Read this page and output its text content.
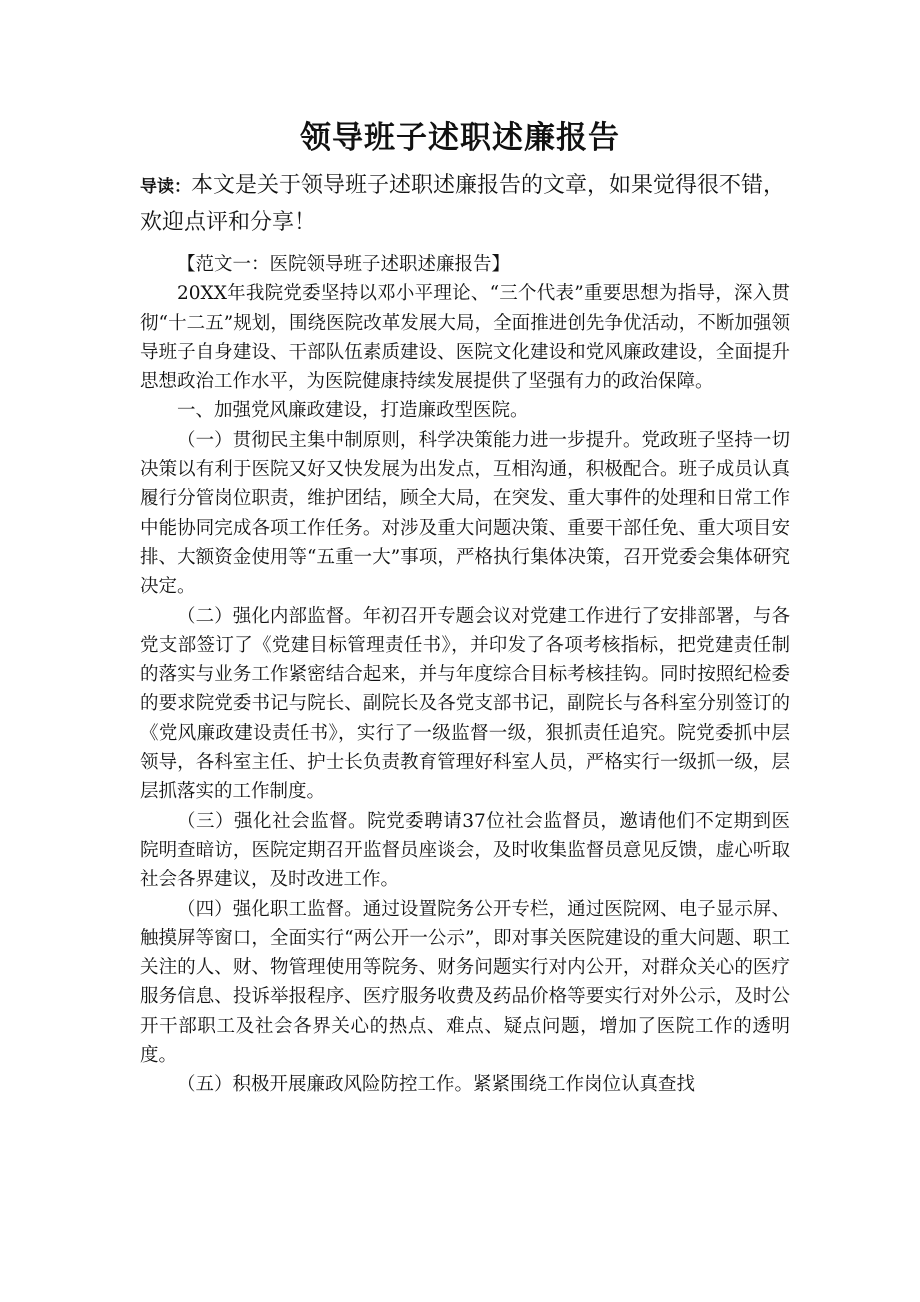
领导班子述职述廉报告

导读：本文是关于领导班子述职述廉报告的文章，如果觉得很不错，欢迎点评和分享！

【范文一：医院领导班子述职述廉报告】

20XX年我院党委坚持以邓小平理论、“三个代表”重要思想为指导，深入贯彻“十二五”规划，围绕医院改革发展大局，全面推进创先争优活动，不断加强领导班子自身建设、干部队伍素质建设、医院文化建设和党风廉政建设，全面提升思想政治工作水平，为医院健康持续发展提供了坚强有力的政治保障。

一、加强党风廉政建设，打造廉政型医院。

（一）贯彻民主集中制原则，科学决策能力进一步提升。党政班子坚持一切决策以有利于医院又好又快发展为出发点，互相沟通，积极配合。班子成员认真履行分管岗位职责，维护团结，顾全大局，在突发、重大事件的处理和日常工作中能协同完成各项工作任务。对涉及重大问题决策、重要干部任免、重大项目安排、大额资金使用等“五重一大”事项，严格执行集体决策，召开党委会集体研究决定。

（二）强化内部监督。年初召开专题会议对党建工作进行了安排部署，与各党支部签订了《党建目标管理责任书》，并印发了各项考核指标，把党建责任制的落实与业务工作紧密结合起来，并与年度综合目标考核挂钩。同时按照纪检委的要求院党委书记与院长、副院长及各党支部书记，副院长与各科室分别签订的《党风廉政建设责任书》，实行了一级监督一级，狠抓责任追究。院党委抓中层领导，各科室主任、护士长负责教育管理好科室人员，严格实行一级抓一级，层层抓落实的工作制度。

（三）强化社会监督。院党委聘请37位社会监督员，邀请他们不定期到医院明查暗访，医院定期召开监督员座谈会，及时收集监督员意见反馈，虚心听取社会各界建议，及时改进工作。

（四）强化职工监督。通过设置院务公开专栏，通过医院网、电子显示屏、触摸屏等窗口，全面实行“两公开一公示”，即对事关医院建设的重大问题、职工关注的人、财、物管理使用等院务、财务问题实行对内公开，对群众关心的医疗服务信息、投诉举报程序、医疗服务收费及药品价格等要实行对外公示，及时公开干部职工及社会各界关心的热点、难点、疑点问题，增加了医院工作的透明度。

（五）积极开展廉政风险防控工作。紧紧围绕工作岗位认真查找
